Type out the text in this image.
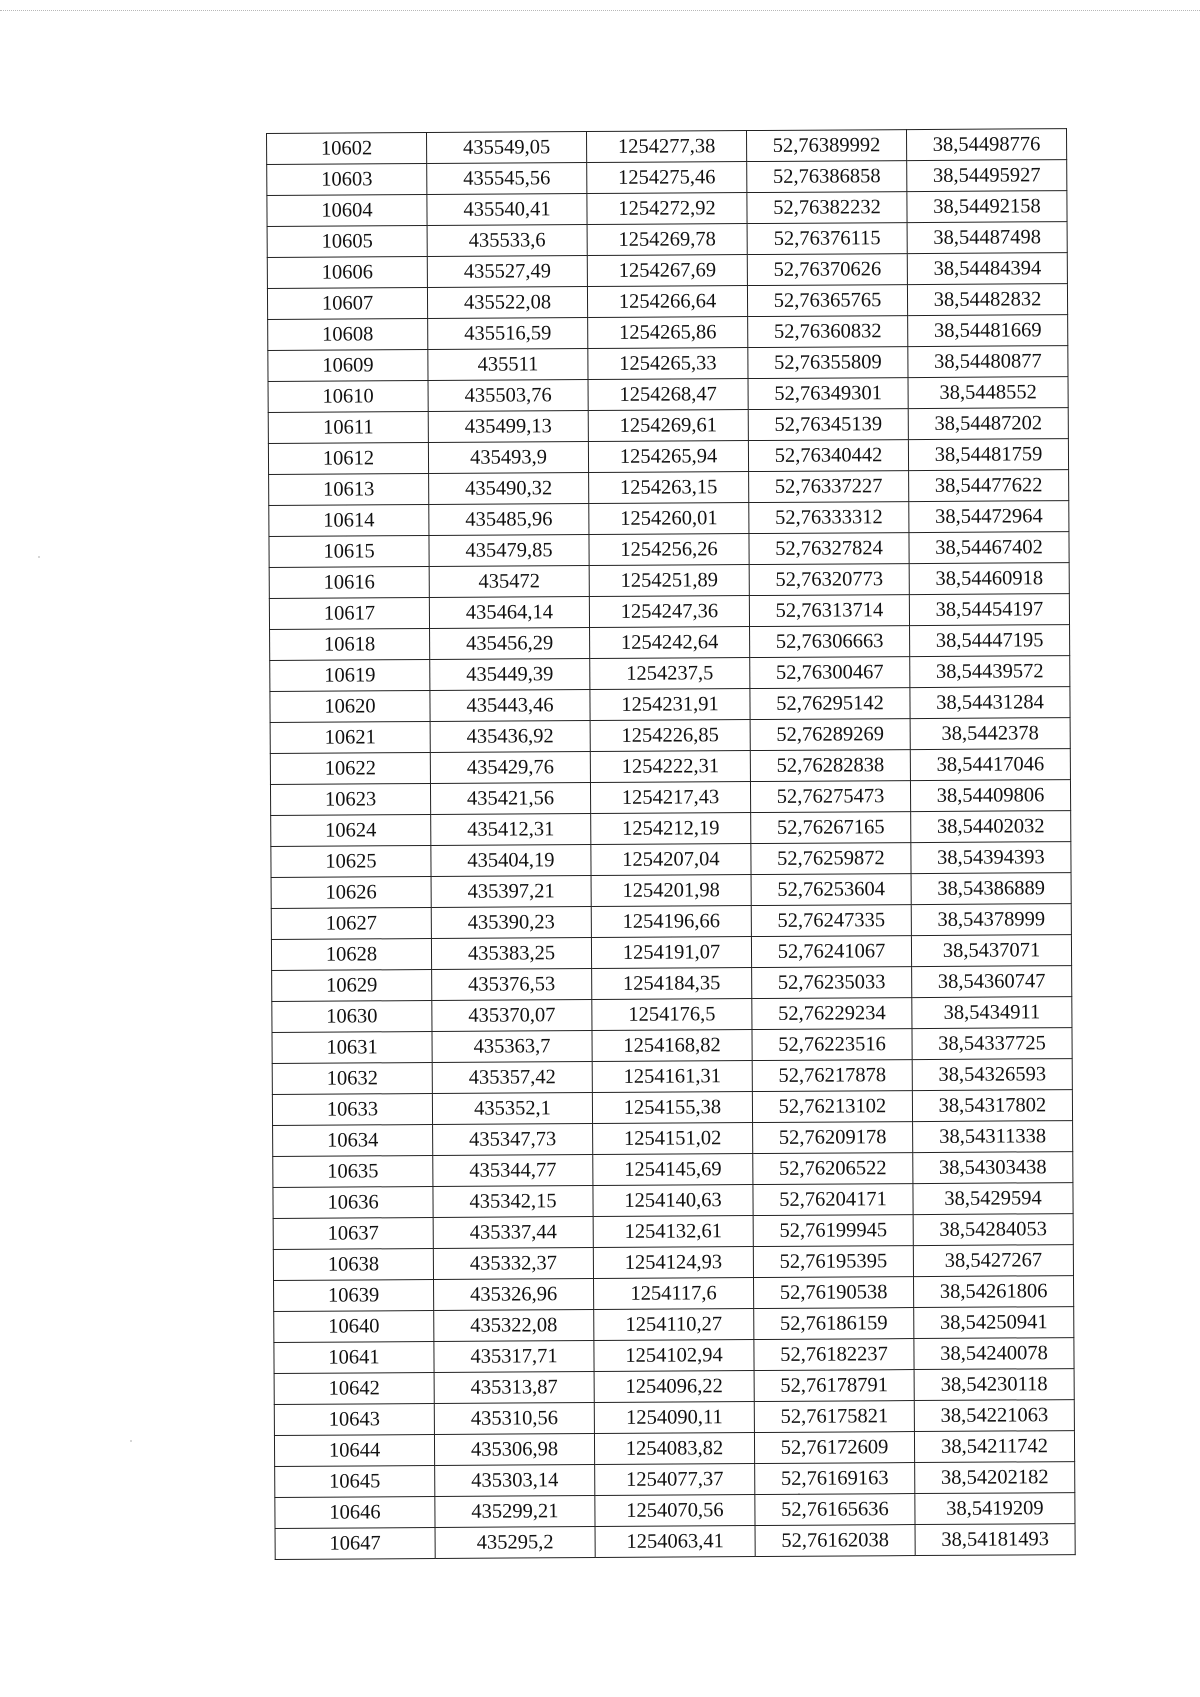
10602	435549,05	1254277,38	52,76389992	38,54498776
10603	435545,56	1254275,46	52,76386858	38,54495927
10604	435540,41	1254272,92	52,76382232	38,54492158
10605	435533,6	1254269,78	52,76376115	38,54487498
10606	435527,49	1254267,69	52,76370626	38,54484394
10607	435522,08	1254266,64	52,76365765	38,54482832
10608	435516,59	1254265,86	52,76360832	38,54481669
10609	435511	1254265,33	52,76355809	38,54480877
10610	435503,76	1254268,47	52,76349301	38,5448552
10611	435499,13	1254269,61	52,76345139	38,54487202
10612	435493,9	1254265,94	52,76340442	38,54481759
10613	435490,32	1254263,15	52,76337227	38,54477622
10614	435485,96	1254260,01	52,76333312	38,54472964
10615	435479,85	1254256,26	52,76327824	38,54467402
10616	435472	1254251,89	52,76320773	38,54460918
10617	435464,14	1254247,36	52,76313714	38,54454197
10618	435456,29	1254242,64	52,76306663	38,54447195
10619	435449,39	1254237,5	52,76300467	38,54439572
10620	435443,46	1254231,91	52,76295142	38,54431284
10621	435436,92	1254226,85	52,76289269	38,5442378
10622	435429,76	1254222,31	52,76282838	38,54417046
10623	435421,56	1254217,43	52,76275473	38,54409806
10624	435412,31	1254212,19	52,76267165	38,54402032
10625	435404,19	1254207,04	52,76259872	38,54394393
10626	435397,21	1254201,98	52,76253604	38,54386889
10627	435390,23	1254196,66	52,76247335	38,54378999
10628	435383,25	1254191,07	52,76241067	38,5437071
10629	435376,53	1254184,35	52,76235033	38,54360747
10630	435370,07	1254176,5	52,76229234	38,5434911
10631	435363,7	1254168,82	52,76223516	38,54337725
10632	435357,42	1254161,31	52,76217878	38,54326593
10633	435352,1	1254155,38	52,76213102	38,54317802
10634	435347,73	1254151,02	52,76209178	38,54311338
10635	435344,77	1254145,69	52,76206522	38,54303438
10636	435342,15	1254140,63	52,76204171	38,5429594
10637	435337,44	1254132,61	52,76199945	38,54284053
10638	435332,37	1254124,93	52,76195395	38,5427267
10639	435326,96	1254117,6	52,76190538	38,54261806
10640	435322,08	1254110,27	52,76186159	38,54250941
10641	435317,71	1254102,94	52,76182237	38,54240078
10642	435313,87	1254096,22	52,76178791	38,54230118
10643	435310,56	1254090,11	52,76175821	38,54221063
10644	435306,98	1254083,82	52,76172609	38,54211742
10645	435303,14	1254077,37	52,76169163	38,54202182
10646	435299,21	1254070,56	52,76165636	38,5419209
10647	435295,2	1254063,41	52,76162038	38,54181493
